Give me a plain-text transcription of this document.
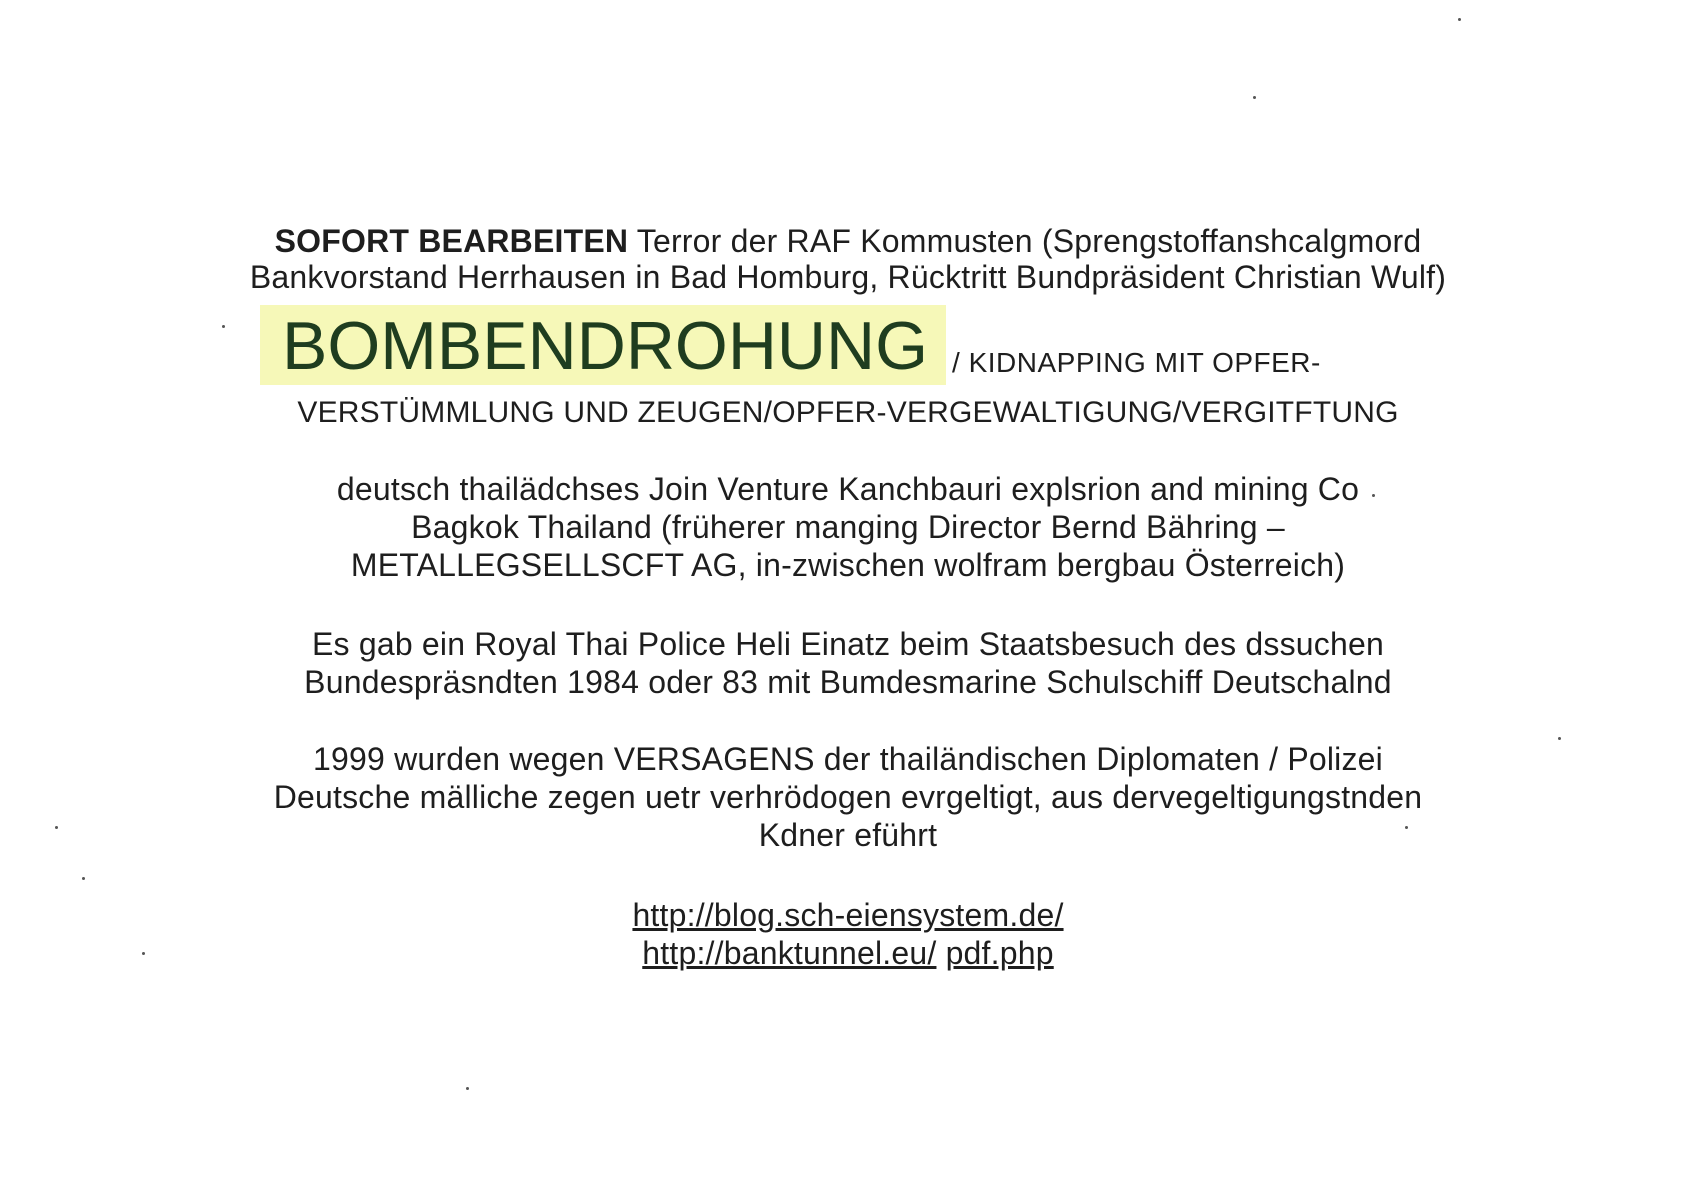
SOFORT BEARBEITEN Terror der RAF Kommusten (Sprengstoffanshcalgmord
Bankvorstand Herrhausen in Bad Homburg, Rücktritt Bundpräsident Christian Wulf)
BOMBENDROHUNG / KIDNAPPING MIT OPFER-
VERSTÜMMLUNG UND ZEUGEN/OPFER-VERGEWALTIGUNG/VERGITFTUNG
deutsch thailädchses Join Venture Kanchbauri explsrion and mining Co
Bagkok Thailand (früherer manging Director Bernd Bähring –
METALLEGSELLSCFT AG, in-zwischen wolfram bergbau Österreich)
Es gab ein Royal Thai Police Heli Einatz beim Staatsbesuch des dssuchen
Bundespräsndten 1984 oder 83 mit Bumdesmarine Schulschiff Deutschalnd
1999 wurden wegen VERSAGENS der thailändischen Diplomaten / Polizei
Deutsche mälliche zegen uetr verhrödogen evrgeltigt, aus dervegeltigungstnden
Kdner eführt
http://blog.sch-eiensystem.de/
http://banktunnel.eu/ pdf.php
